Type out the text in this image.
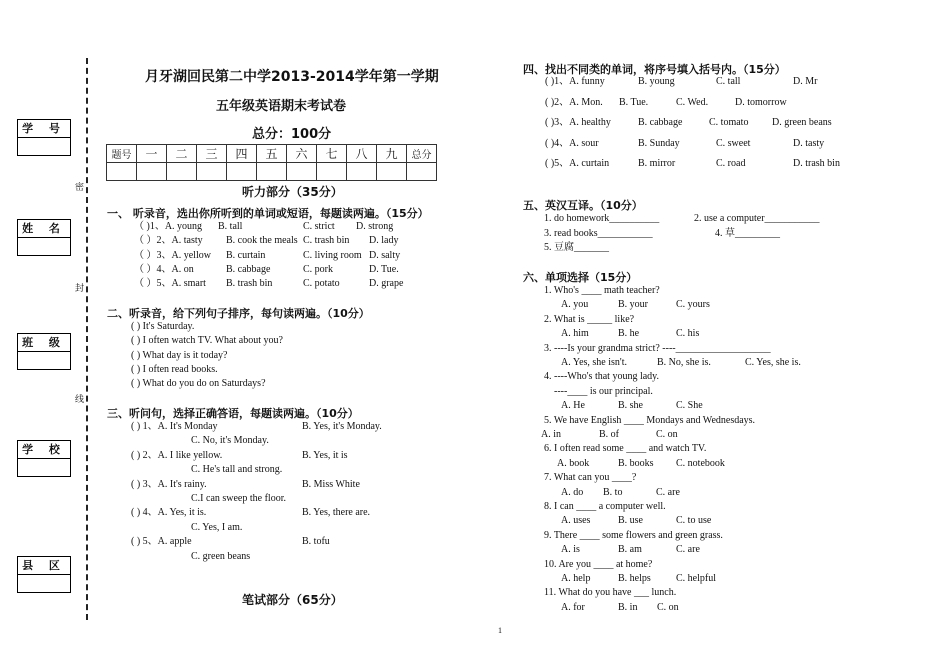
学 号
姓 名
班 级
学 校
县 区
密
封
线
月牙湖回民第二中学2013-2014学年第一学期
五年级英语期末考试卷
总分：100分
题号	一	二	三	四	五	六	七	八	九	总分

听力部分（35分）
一、 听录音，选出你所听到的单词或短语，每题读两遍。（15分）
（ )1、A. young B. tall	C. strict D. strong
（ ）2、A. tasty B. cook the meals C. trash bin D. lady
（ ）3、A. yellow B. curtain	C. living room D. salty
（ ）4、A. on	B. cabbage	C. pork	D. Tue.
（ ）5、A. smart B. trash bin	C. potato	D. grape
二、听录音，给下列句子排序，每句读两遍。（10分）
( ) It's Saturday.
( ) I often watch TV. What about you?
( ) What day is it today?
( ) I often read books.
( ) What do you do on Saturdays?
三、听问句，选择正确答语，每题读两遍。（10分）
( ) 1、A. It's Monday	B. Yes, it's Monday.
C. No, it's Monday.
( ) 2、A. I like yellow.	B. Yes, it is
C. He's tall and strong.
( ) 3、A. It's rainy.	B. Miss White
C.I can sweep the floor.
( ) 4、A. Yes, it is.	B. Yes, there are.
C. Yes, I am.
( ) 5、A. apple	B. tofu
C. green beans
笔试部分（65分）
四、找出不同类的单词，将序号填入括号内。（15分）
( )1、A. funny	B. young	C. tall	D. Mr
( )2、A. Mon. B. Tue.	C. Wed.	D. tomorrow
( )3、A. healthy	B. cabbage	C. tomato D. green beans
( )4、A. sour	B. Sunday	C. sweet	D. tasty
( )5、A. curtain	B. mirror	C. road	D. trash bin
五、英汉互译。（10分）
1. do homework__________	2. use a computer___________
3. read books___________	4. 草_________
5. 豆腐_______
六、单项选择（15分）
1. Who's ____ math teacher?
A. you	B. your	C. yours
2. What is _____ like?
A. him	B. he	C. his
3. ----Is your grandma strict? ----___________________
A. Yes, she isn't.	B. No, she is.	C. Yes, she is.
4. ----Who's that young lady.
----____ is our principal.
A. He	B. she	C. She
5. We have English ____ Mondays and Wednesdays.
A. in	B. of	C. on
6. I often read some ____ and watch TV.
A. book	B. books C. notebook
7. What can you ____?
A. do B. to	C. are
8. I can ____ a computer well.
A. uses	B. use	C. to use
9. There ____ some flowers and green grass.
A. is	B. am	C. are
10. Are you ____ at home?
A. help	B. helps	C. helpful
11. What do you have ___ lunch.
A. for	B. in C. on
1
